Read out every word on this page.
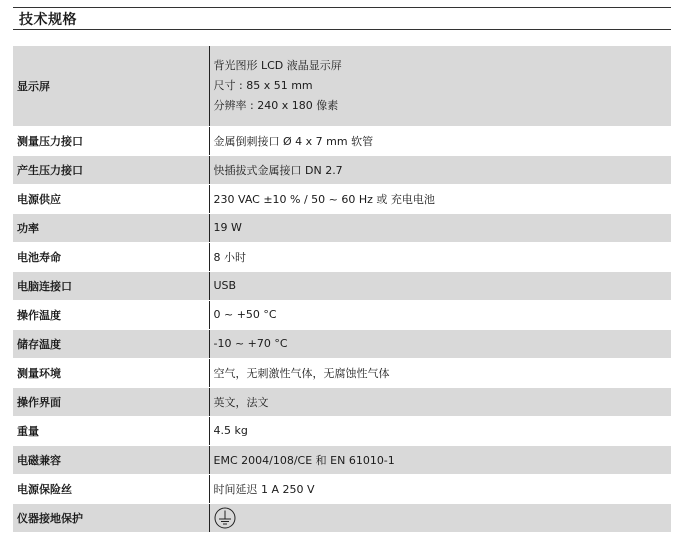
技术规格
显示屏	背光图形 LCD 液晶显示屏
尺寸 : 85 x 51 mm
分辨率 : 240 x 180 像素

测量压力接口	金属倒刺接口 Ø 4 x 7 mm 软管
产生压力接口	快插拔式金属接口 DN 2.7
电源供应	230 VAC ±10 % / 50 ~ 60 Hz 或 充电电池
功率	19 W
电池寿命	8 小时
电脑连接口	USB
操作温度	0 ~ +50 °C
储存温度	-10 ~ +70 °C
测量环境	空气，无刺激性气体，无腐蚀性气体
操作界面	英文，法文
重量	4.5 kg
电磁兼容	EMC 2004/108/CE 和 EN 61010-1
电源保险丝	时间延迟 1 A 250 V
仪器接地保护	
